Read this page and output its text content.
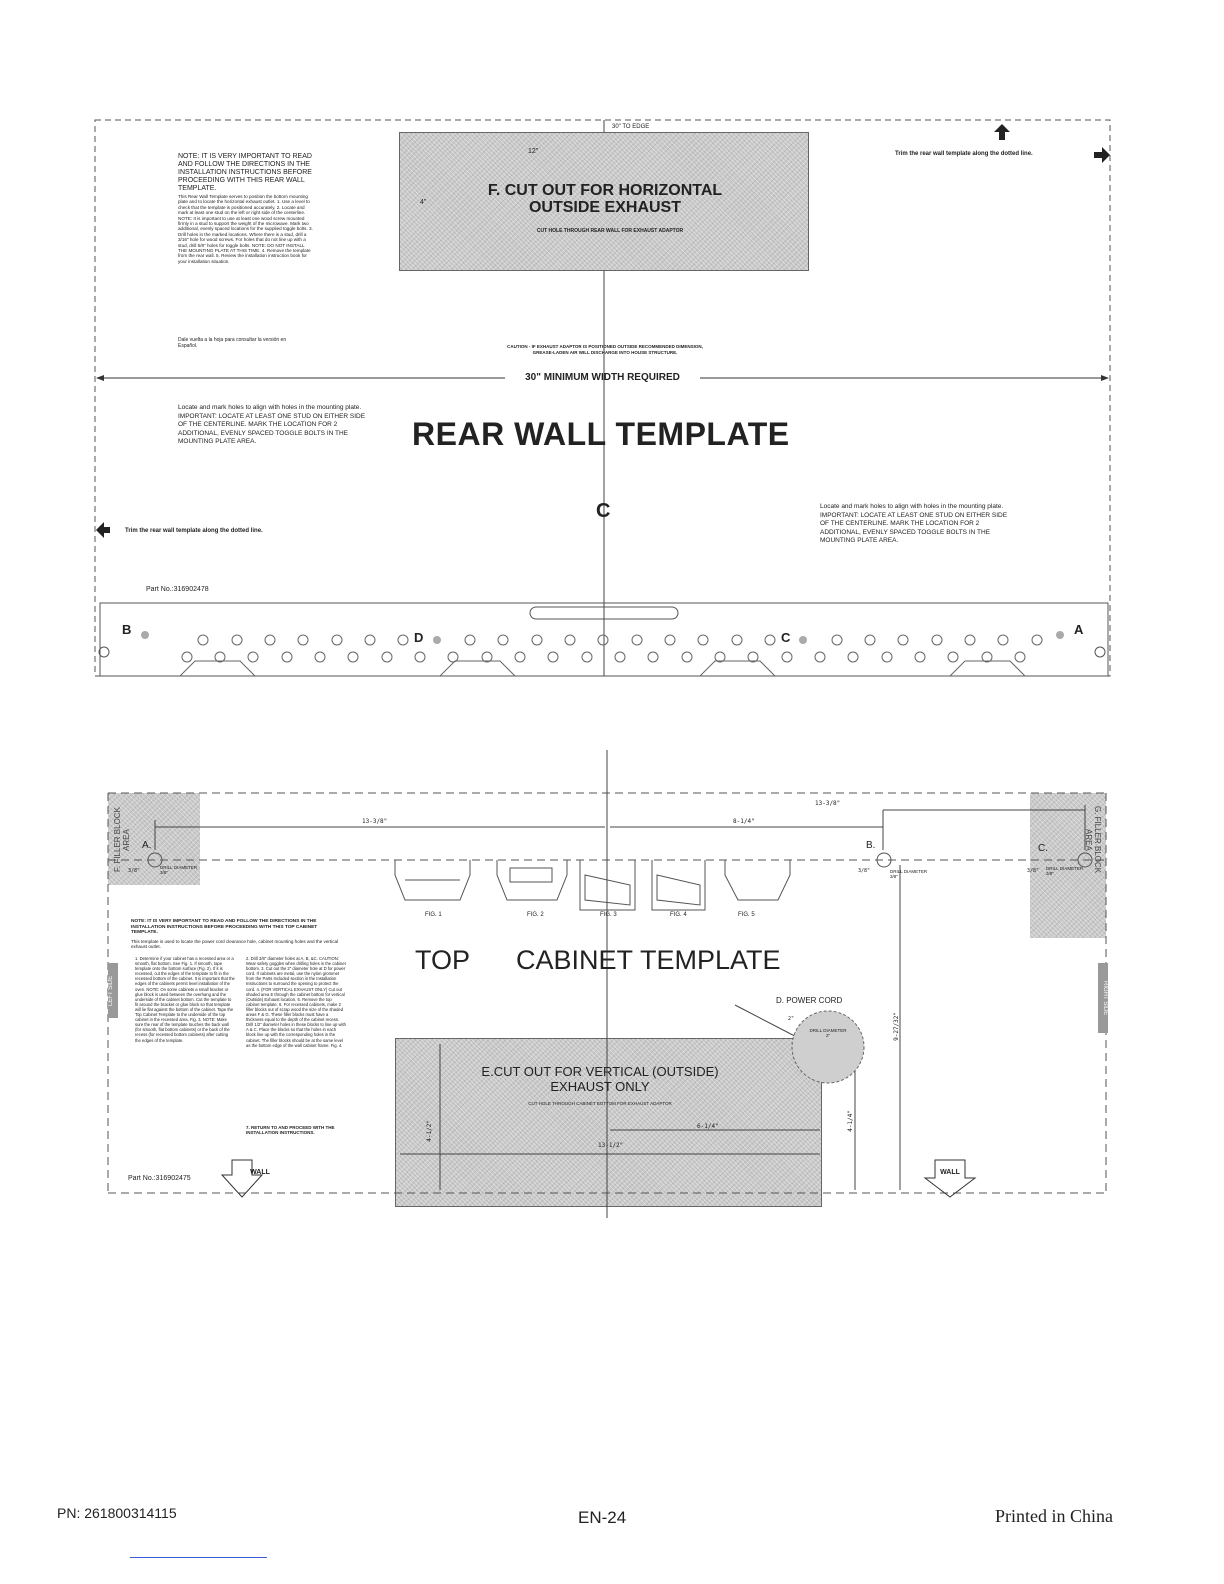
30" TO EDGE
12"
4"
F. CUT OUT FOR HORIZONTAL
OUTSIDE EXHAUST
CUT HOLE THROUGH REAR WALL FOR EXHAUST ADAPTOR
Trim the rear wall template along the dotted line.
Trim the rear wall template along the dotted line.
NOTE: IT IS VERY IMPORTANT TO READ AND FOLLOW THE DIRECTIONS IN THE INSTALLATION INSTRUCTIONS BEFORE PROCEEDING WITH THIS REAR WALL TEMPLATE.
This Rear Wall Template serves to position the bottom mounting plate and to locate the horizontal exhaust outlet. 1. Use a level to check that the template is positioned accurately. 2. Locate and mark at least one stud on the left or right side of the centerline. NOTE: It is important to use at least one wood screw mounted firmly in a stud to support the weight of the microwave. Mark two additional, evenly spaced locations for the supplied toggle bolts. 3. Drill holes in the marked locations. Where there is a stud, drill a 3/16" hole for wood screws. For holes that do not line up with a stud, drill 5/8" holes for toggle bolts. NOTE: DO NOT INSTALL THE MOUNTING PLATE AT THIS TIME. 4. Remove the template from the rear wall. 5. Review the installation instruction book for your installation situation.
Dale vuelta a la hoja para consultar la versión en Español.	CAUTION - IF EXHAUST ADAPTOR IS POSITIONED OUTSIDE RECOMMENDED DIMENSION, GREASE-LADEN AIR WILL DISCHARGE INTO HOUSE STRUCTURE.
30" MINIMUM WIDTH REQUIRED
REAR WALL TEMPLATE
Locate and mark holes to align with holes in the mounting plate. IMPORTANT: LOCATE AT LEAST ONE STUD ON EITHER SIDE OF THE CENTERLINE. MARK THE LOCATION FOR 2 ADDITIONAL, EVENLY SPACED TOGGLE BOLTS IN THE MOUNTING PLATE AREA.
Locate and mark holes to align with holes in the mounting plate. IMPORTANT: LOCATE AT LEAST ONE STUD ON EITHER SIDE OF THE CENTERLINE. MARK THE LOCATION FOR 2 ADDITIONAL, EVENLY SPACED TOGGLE BOLTS IN THE MOUNTING PLATE AREA.
C
Part No.:316902478
B
D	C
A
13-3/8"
13-3/8"	8-1/4"
F. FILLER BLOCK AREA	G. FILLER BLOCK AREA
A.	B.	C.
DRILL DIAMETER 3/8"	DRILL DIAMETER 3/8"
DRILL DIAMETER 3/8"
3/8"	3/8"	3/8"
FIG. 1	FIG. 2	FIG. 3	FIG. 4	FIG. 5
TOP CABINET TEMPLATE
NOTE: IT IS VERY IMPORTANT TO READ AND FOLLOW THE DIRECTIONS IN THE INSTALLATION INSTRUCTIONS BEFORE PROCEEDING WITH THIS TOP CABINET TEMPLATE.
This template is used to locate the power cord clearance hole, cabinet mounting holes and the vertical exhaust outlet.
1. Determine if your cabinet has a recessed area or a smooth, flat bottom. See Fig. 1. If smooth, tape template onto the bottom surface (Fig. 2). If it is recessed, cut the edges of the template to fit in the recessed bottom of the cabinet. It is important that the edges of the cabinets permit level installation of the oven. NOTE: On some cabinets a small bracket or glue block is used between the overhang and the underside of the cabinet bottom. Cut the template to fit around the bracket or glue block so that template will lie flat against the bottom of the cabinet. Tape the Top Cabinet Template to the underside of the top cabinet in the recessed area, Fig. 3. NOTE: Make sure the rear of the template touches the back wall (for smooth, flat bottom cabinets) or the back of the recess (for recessed bottom cabinets) after cutting the edges of the template.
2. Drill 3/8" diameter holes at A, B, &C. CAUTION: Wear safety goggles when drilling holes in the cabinet bottom. 3. Cut out the 2" diameter hole at D for power cord. If cabinets are metal, use the nylon grommet from the Parts Included section in the Installation Instructions to surround the opening to protect the cord. 4. (FOR VERTICAL EXHAUST ONLY) Cut out shaded area E through the cabinet bottom for vertical (Outside) Exhaust location. 5. Remove the top cabinet template. 6. For recessed cabinets, make 2 filler blocks out of scrap wood the size of the shaded areas F & G. These filler blocks must have a thickness equal to the depth of the cabinet recess. Drill 1/2" diameter holes in these blocks to line up with A & C. Place the blocks so that the holes in each block line up with the corresponding holes in the cabinet. The filler blocks should be at the same level as the bottom edge of the wall cabinet frame. Fig. 4.
7. RETURN TO AND PROCEED WITH THE INSTALLATION INSTRUCTIONS.
LEFT SIDE	RIGHT SIDE
D. POWER CORD
DRILL DIAMETER 2"
2"
E.CUT OUT FOR VERTICAL (OUTSIDE)
EXHAUST ONLY
CUT HOLE THROUGH CABINET BOTTOM FOR EXHAUST ADAPTOR
6-1/4"
13-1/2"
4-1/2"	4-1/4"
9-27/32"
WALL	WALL
Part No.:316902475
PN: 261800314115	EN-24	Printed in China
